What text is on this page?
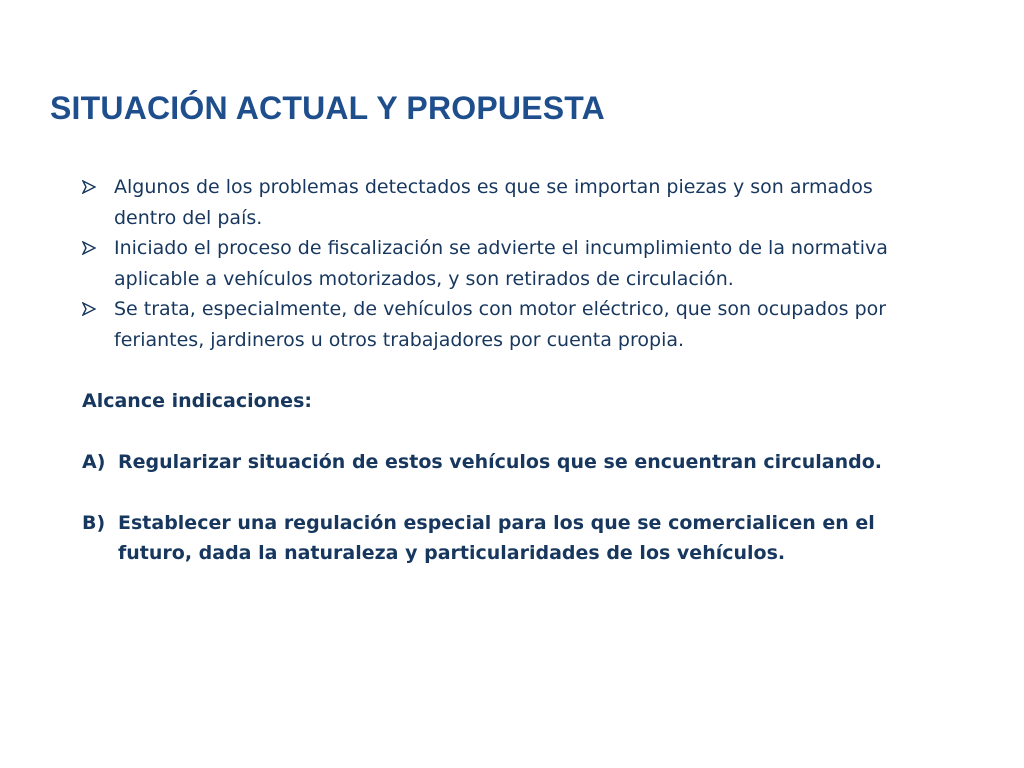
SITUACIÓN ACTUAL Y PROPUESTA
Algunos de los problemas detectados es que se importan piezas y son armados dentro del país.
Iniciado el proceso de fiscalización se advierte el incumplimiento de la normativa aplicable a vehículos motorizados, y son retirados de circulación.
Se trata, especialmente, de vehículos con motor eléctrico, que son ocupados por feriantes, jardineros u otros trabajadores por cuenta propia.
Alcance indicaciones:
A) Regularizar situación de estos vehículos que se encuentran circulando.
B) Establecer una regulación especial para los que se comercialicen en el futuro, dada la naturaleza y particularidades de los vehículos.
